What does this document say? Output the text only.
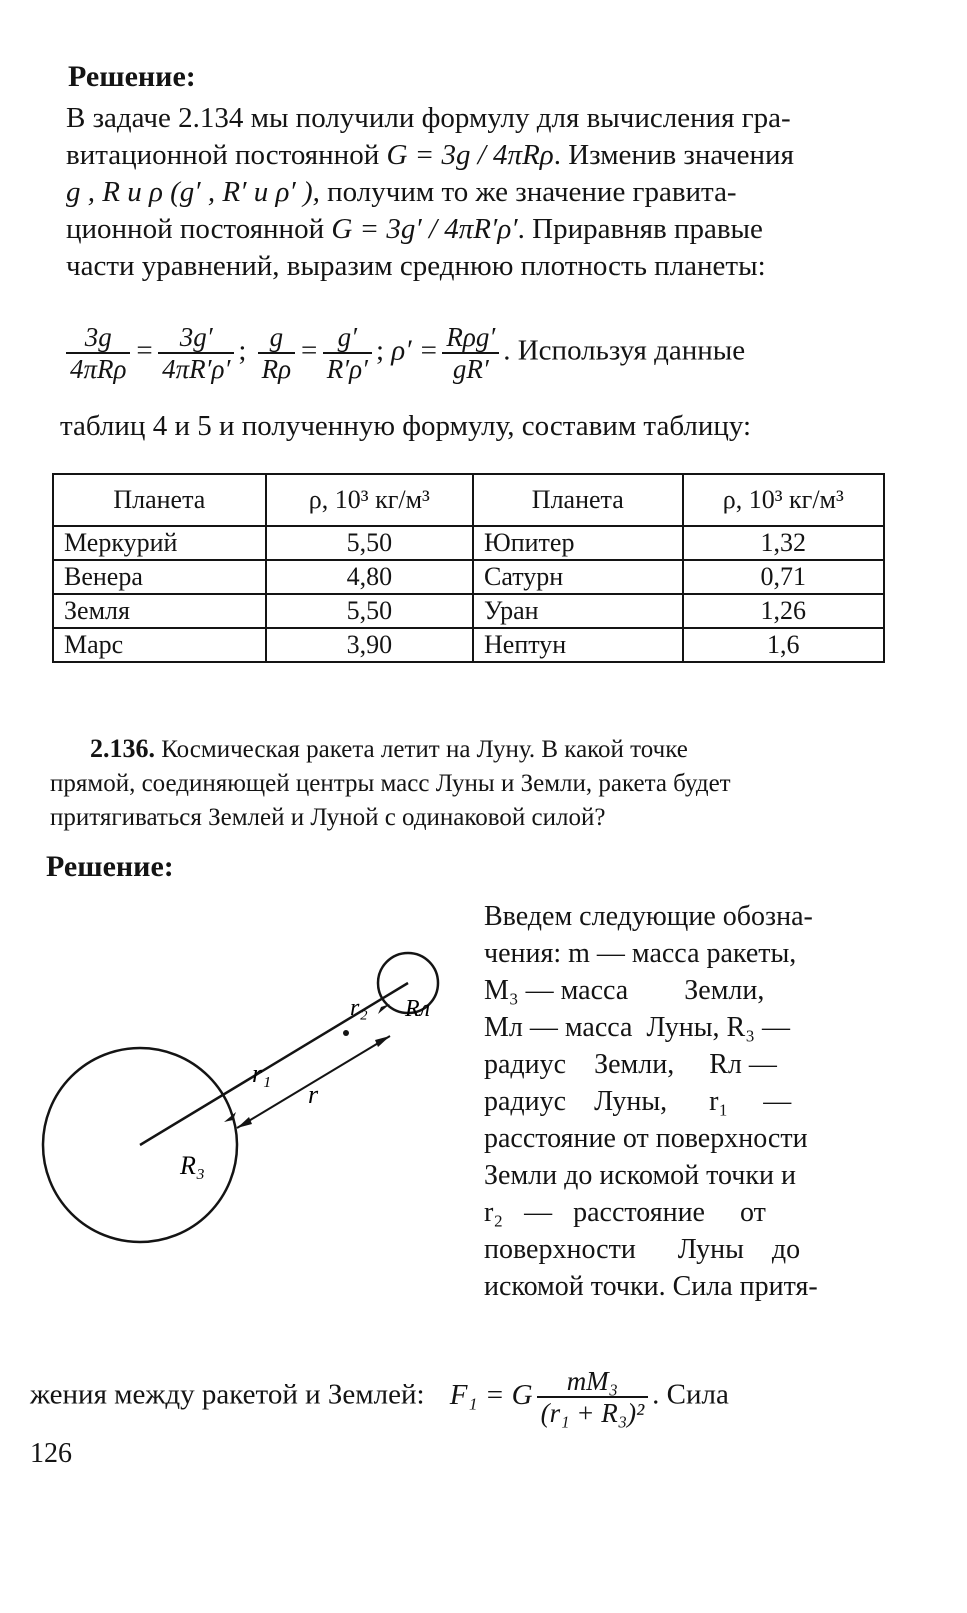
Решение:

В задаче 2.134 мы получили формулу для вычисления гра-
витационной постоянной G = 3g / 4πRρ. Изменив значения
g , R и ρ (g′ , R′ и ρ′ ), получим то же значение гравита-
ционной постоянной G = 3g′ / 4πR′ρ′. Приравняв правые
части уравнений, выразим среднюю плотность планеты:

$\frac{3g}{\text{4πRρ}} = \frac{3g'}{4\pi R'\rho'}$ ; $\frac{g}{R\rho} = \frac{g'}{R'\rho'}$ ; $\rho' = \frac{\text{Rρg′}}{gR'}$ . Используя данные
таблиц 4 и 5 и полученную формулу, составим таблицу:
Планета	ρ, 10³ кг/м³	Планета	ρ, 10³ кг/м³
Меркурий	5,50	Юпитер	1,32
Венера	4,80	Сатурн	0,71
Земля	5,50	Уран	1,26
Марс	3,90	Нептун	1,6
2.136. Космическая ракета летит на Луну. В какой точке
прямой, соединяющей центры масс Луны и Земли, ракета будет
притягиваться Землей и Луной с одинаковой силой?
Решение:
r₁
r
r₂
R₃
Rл
Введем следующие обозна-
чения: m — масса ракеты,
M₃ — масса        Земли,
Mл — масса  Луны, R₃ —
радиус    Земли,     Rл —
радиус    Луны,      r₁     —
расстояние от поверхности
Земли до искомой точки и
r₂   —   расстояние     от
поверхности      Луны    до
искомой точки. Сила притя-
жения между ракетой и Землей: F₁ = G $\frac{\text{mM₃}}{\text{(r₁ + R₃)²}}$ . Сила
126
